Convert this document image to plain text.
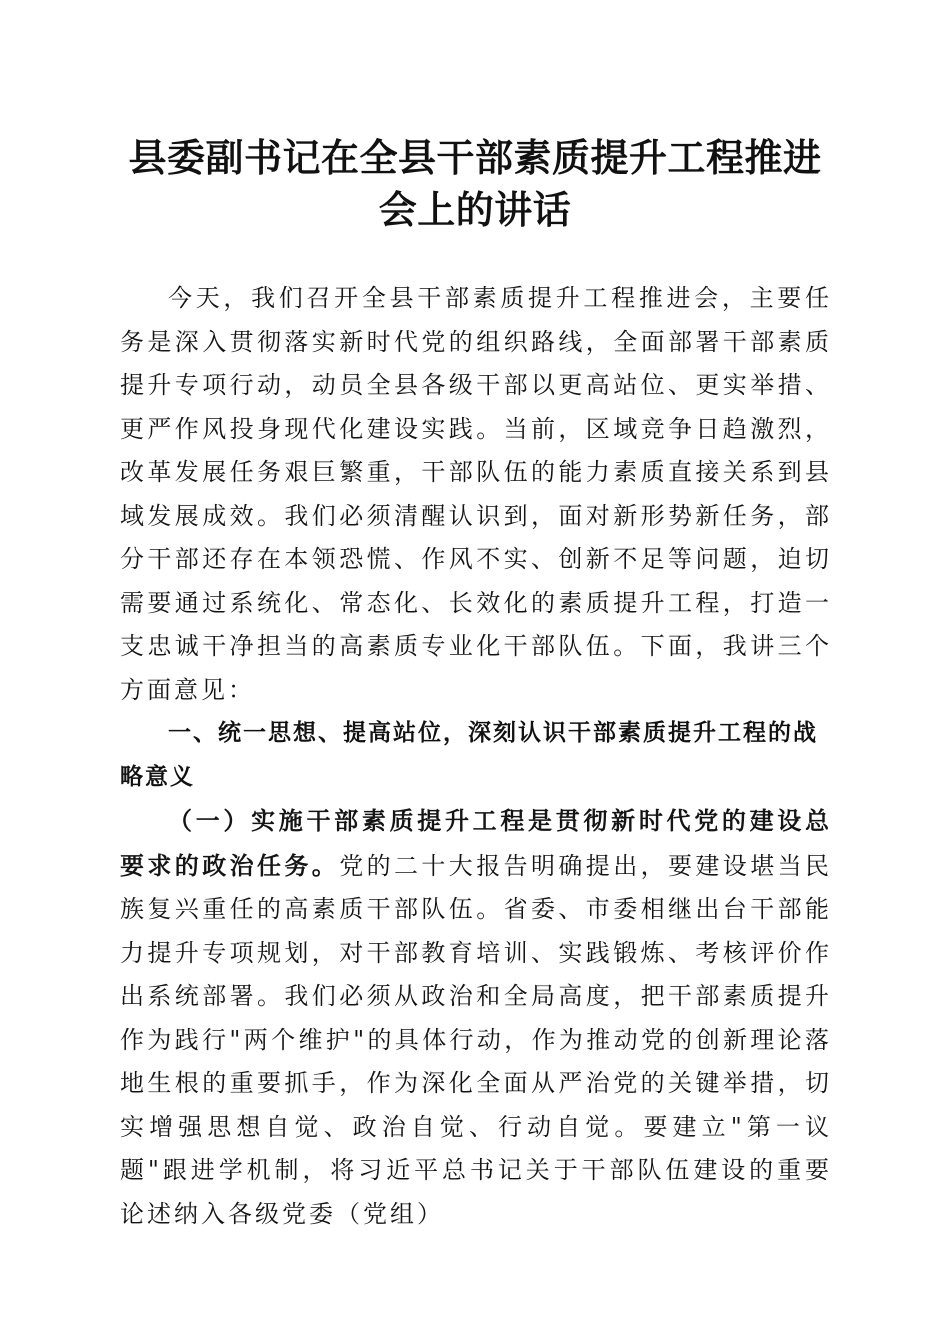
县委副书记在全县干部素质提升工程推进会上的讲话

今天，我们召开全县干部素质提升工程推进会，主要任务是深入贯彻落实新时代党的组织路线，全面部署干部素质提升专项行动，动员全县各级干部以更高站位、更实举措、更严作风投身现代化建设实践。当前，区域竞争日趋激烈，改革发展任务艰巨繁重，干部队伍的能力素质直接关系到县域发展成效。我们必须清醒认识到，面对新形势新任务，部分干部还存在本领恐慌、作风不实、创新不足等问题，迫切需要通过系统化、常态化、长效化的素质提升工程，打造一支忠诚干净担当的高素质专业化干部队伍。下面，我讲三个方面意见：

一、统一思想、提高站位，深刻认识干部素质提升工程的战略意义

（一）实施干部素质提升工程是贯彻新时代党的建设总要求的政治任务。党的二十大报告明确提出，要建设堪当民族复兴重任的高素质干部队伍。省委、市委相继出台干部能力提升专项规划，对干部教育培训、实践锻炼、考核评价作出系统部署。我们必须从政治和全局高度，把干部素质提升作为践行"两个维护"的具体行动，作为推动党的创新理论落地生根的重要抓手，作为深化全面从严治党的关键举措，切实增强思想自觉、政治自觉、行动自觉。要建立"第一议题"跟进学机制，将习近平总书记关于干部队伍建设的重要论述纳入各级党委（党组）
